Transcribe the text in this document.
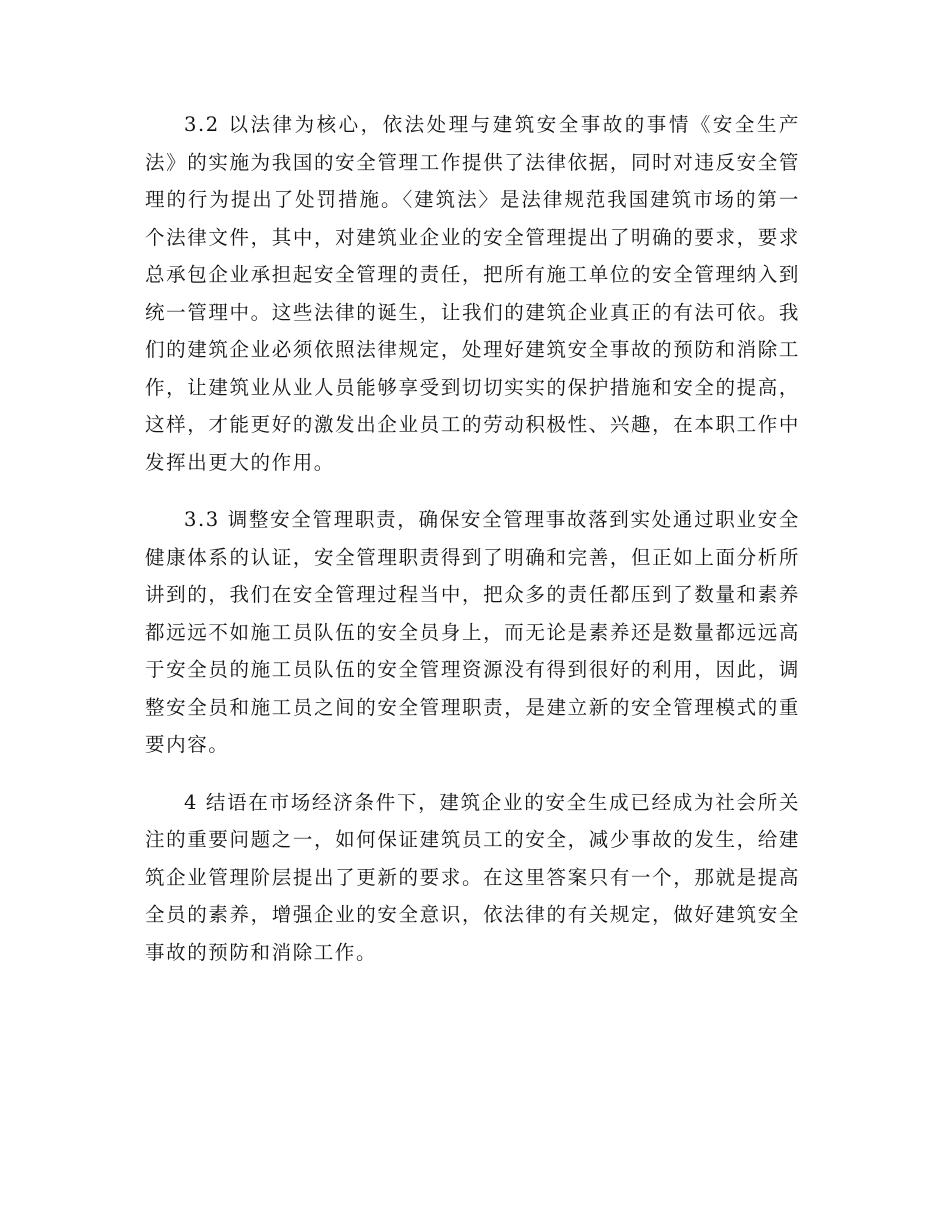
3.2 以法律为核心，依法处理与建筑安全事故的事情《安全生产法》的实施为我国的安全管理工作提供了法律依据，同时对违反安全管理的行为提出了处罚措施。〈建筑法〉是法律规范我国建筑市场的第一个法律文件，其中，对建筑业企业的安全管理提出了明确的要求，要求总承包企业承担起安全管理的责任，把所有施工单位的安全管理纳入到统一管理中。这些法律的诞生，让我们的建筑企业真正的有法可依。我们的建筑企业必须依照法律规定，处理好建筑安全事故的预防和消除工作，让建筑业从业人员能够享受到切切实实的保护措施和安全的提高，这样，才能更好的激发出企业员工的劳动积极性、兴趣，在本职工作中发挥出更大的作用。

3.3 调整安全管理职责，确保安全管理事故落到实处通过职业安全健康体系的认证，安全管理职责得到了明确和完善，但正如上面分析所讲到的，我们在安全管理过程当中，把众多的责任都压到了数量和素养都远远不如施工员队伍的安全员身上，而无论是素养还是数量都远远高于安全员的施工员队伍的安全管理资源没有得到很好的利用，因此，调整安全员和施工员之间的安全管理职责，是建立新的安全管理模式的重要内容。

4 结语在市场经济条件下，建筑企业的安全生成已经成为社会所关注的重要问题之一，如何保证建筑员工的安全，减少事故的发生，给建筑企业管理阶层提出了更新的要求。在这里答案只有一个，那就是提高全员的素养，增强企业的安全意识，依法律的有关规定，做好建筑安全事故的预防和消除工作。
